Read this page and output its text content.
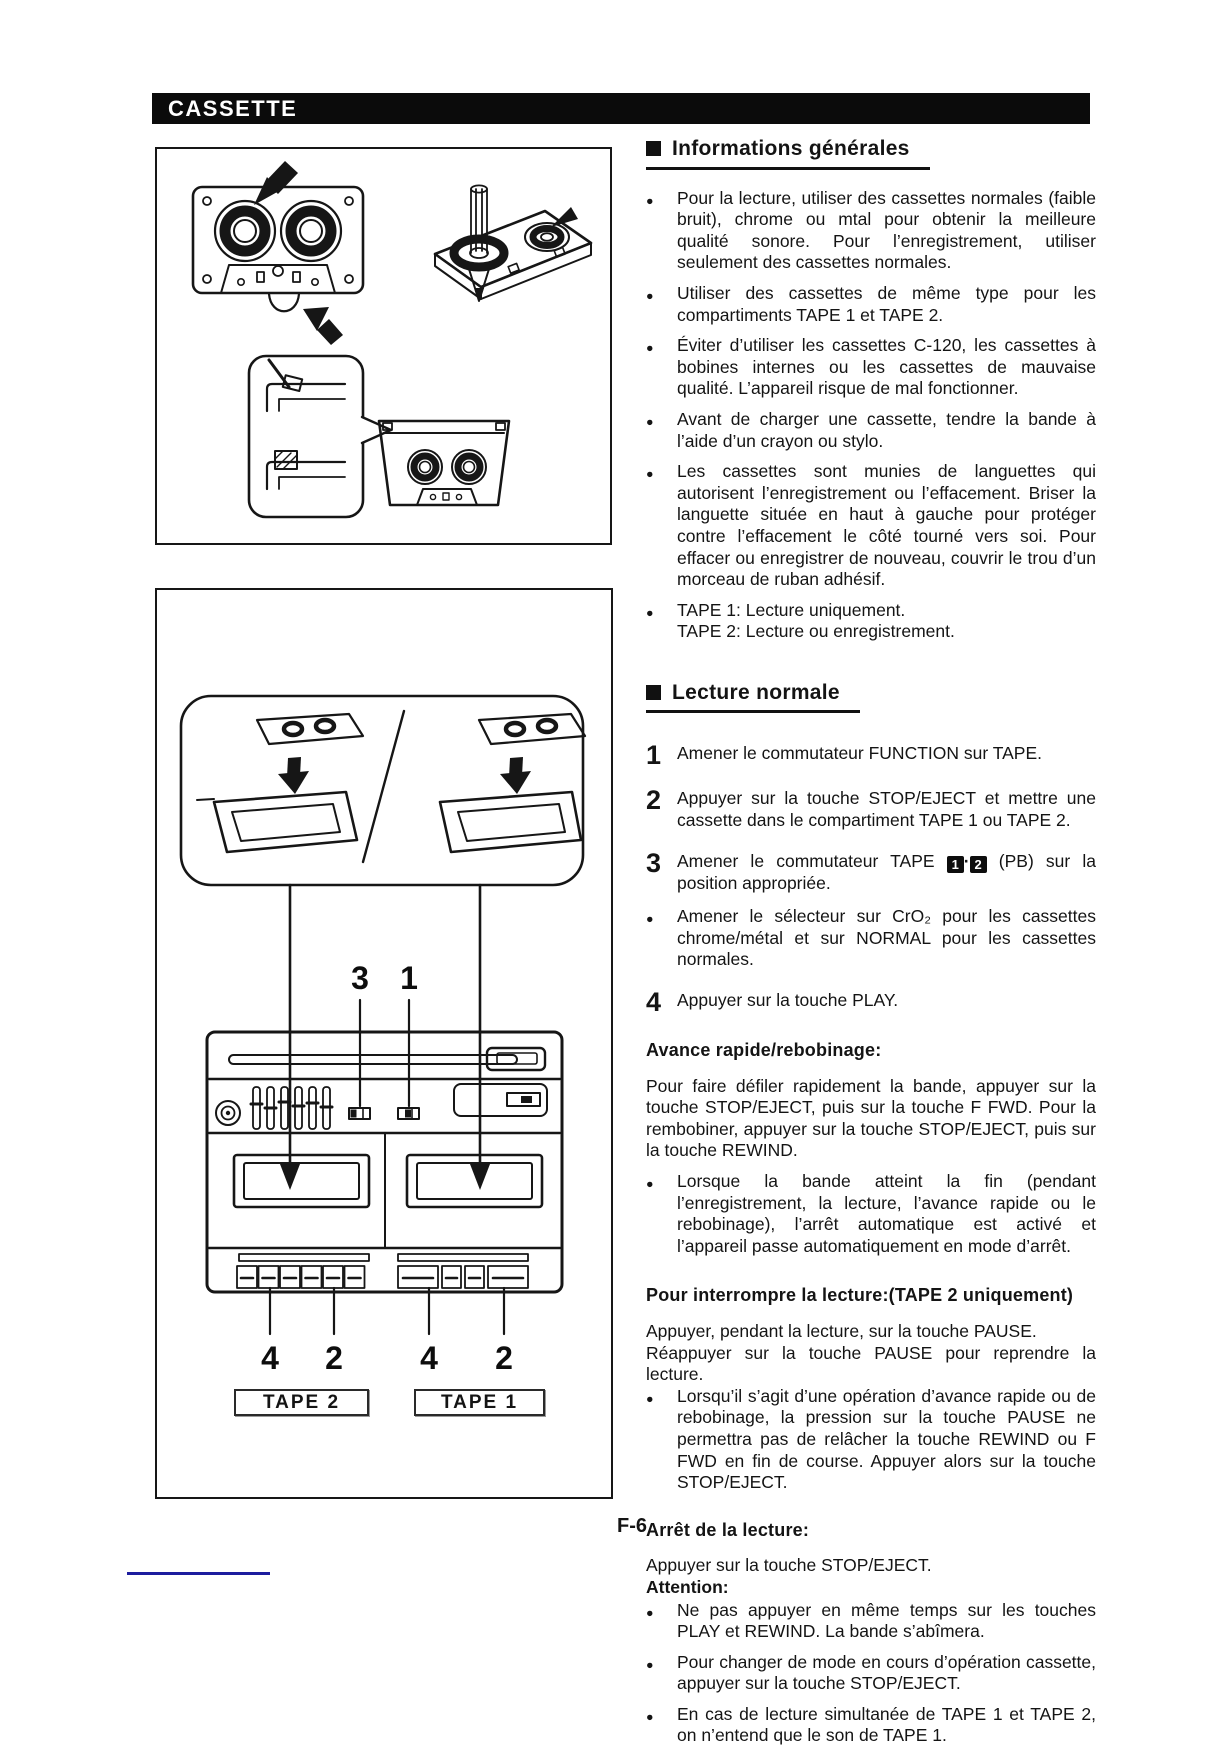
CASSETTE
3 1
4 2 4 2
TAPE 2	TAPE 1
Informations générales
●	Pour la lecture, utiliser des cassettes normales (faible bruit), chrome ou mtal pour obtenir la meilleure qualité sonore. Pour l’enregistrement, utiliser seulement des cassettes normales.
●	Utiliser des cassettes de même type pour les compartiments TAPE 1 et TAPE 2.
●	Éviter d’utiliser les cassettes C-120, les cassettes à bobines internes ou les cassettes de mauvaise qualité. L’appareil risque de mal fonctionner.
●	Avant de charger une cassette, tendre la bande à l’aide d’un crayon ou stylo.
●	Les cassettes sont munies de languettes qui autorisent l’enregistrement ou l’effacement. Briser la languette située en haut à gauche pour protéger contre l’effacement le côté tourné vers soi. Pour effacer ou enregistrer de nouveau, couvrir le trou d’un morceau de ruban adhésif.
●	TAPE 1: Lecture uniquement.

TAPE 2: Lecture ou enregistrement.

Lecture normale
1 Amener le commutateur FUNCTION sur TAPE.
2 Appuyer sur la touche STOP/EJECT et mettre une cassette dans le compartiment TAPE 1 ou TAPE 2.
3 Amener le commutateur TAPE 1 · 2 (PB) sur la position appropriée.
●	Amener le sélecteur sur CrO₂ pour les cassettes chrome/métal et sur NORMAL pour les cassettes normales.
4 Appuyer sur la touche PLAY.

Avance rapide/rebobinage:

Pour faire défiler rapidement la bande, appuyer sur la touche STOP/EJECT, puis sur la touche F FWD. Pour la rembobiner, appuyer sur la touche STOP/EJECT, puis sur la touche REWIND.

●	Lorsque la bande atteint la fin (pendant l’enregistrement, la lecture, l’avance rapide ou le rebobinage), l’arrêt automatique est activé et l’appareil passe automatiquement en mode d’arrêt.

Pour interrompre la lecture:(TAPE 2 uniquement)

Appuyer, pendant la lecture, sur la touche PAUSE.

Réappuyer sur la touche PAUSE pour reprendre la lecture.

●	Lorsqu’il s’agit d’une opération d’avance rapide ou de rebobinage, la pression sur la touche PAUSE ne permettra pas de relâcher la touche REWIND ou F FWD en fin de course. Appuyer alors sur la touche STOP/EJECT.

Arrêt de la lecture:

Appuyer sur la touche STOP/EJECT.

Attention:

●	Ne pas appuyer en même temps sur les touches PLAY et REWIND. La bande s’abîmera.
●	Pour changer de mode en cours d’opération cassette, appuyer sur la touche STOP/EJECT.
●	En cas de lecture simultanée de TAPE 1 et TAPE 2, on n’entend que le son de TAPE 1.
F-6
